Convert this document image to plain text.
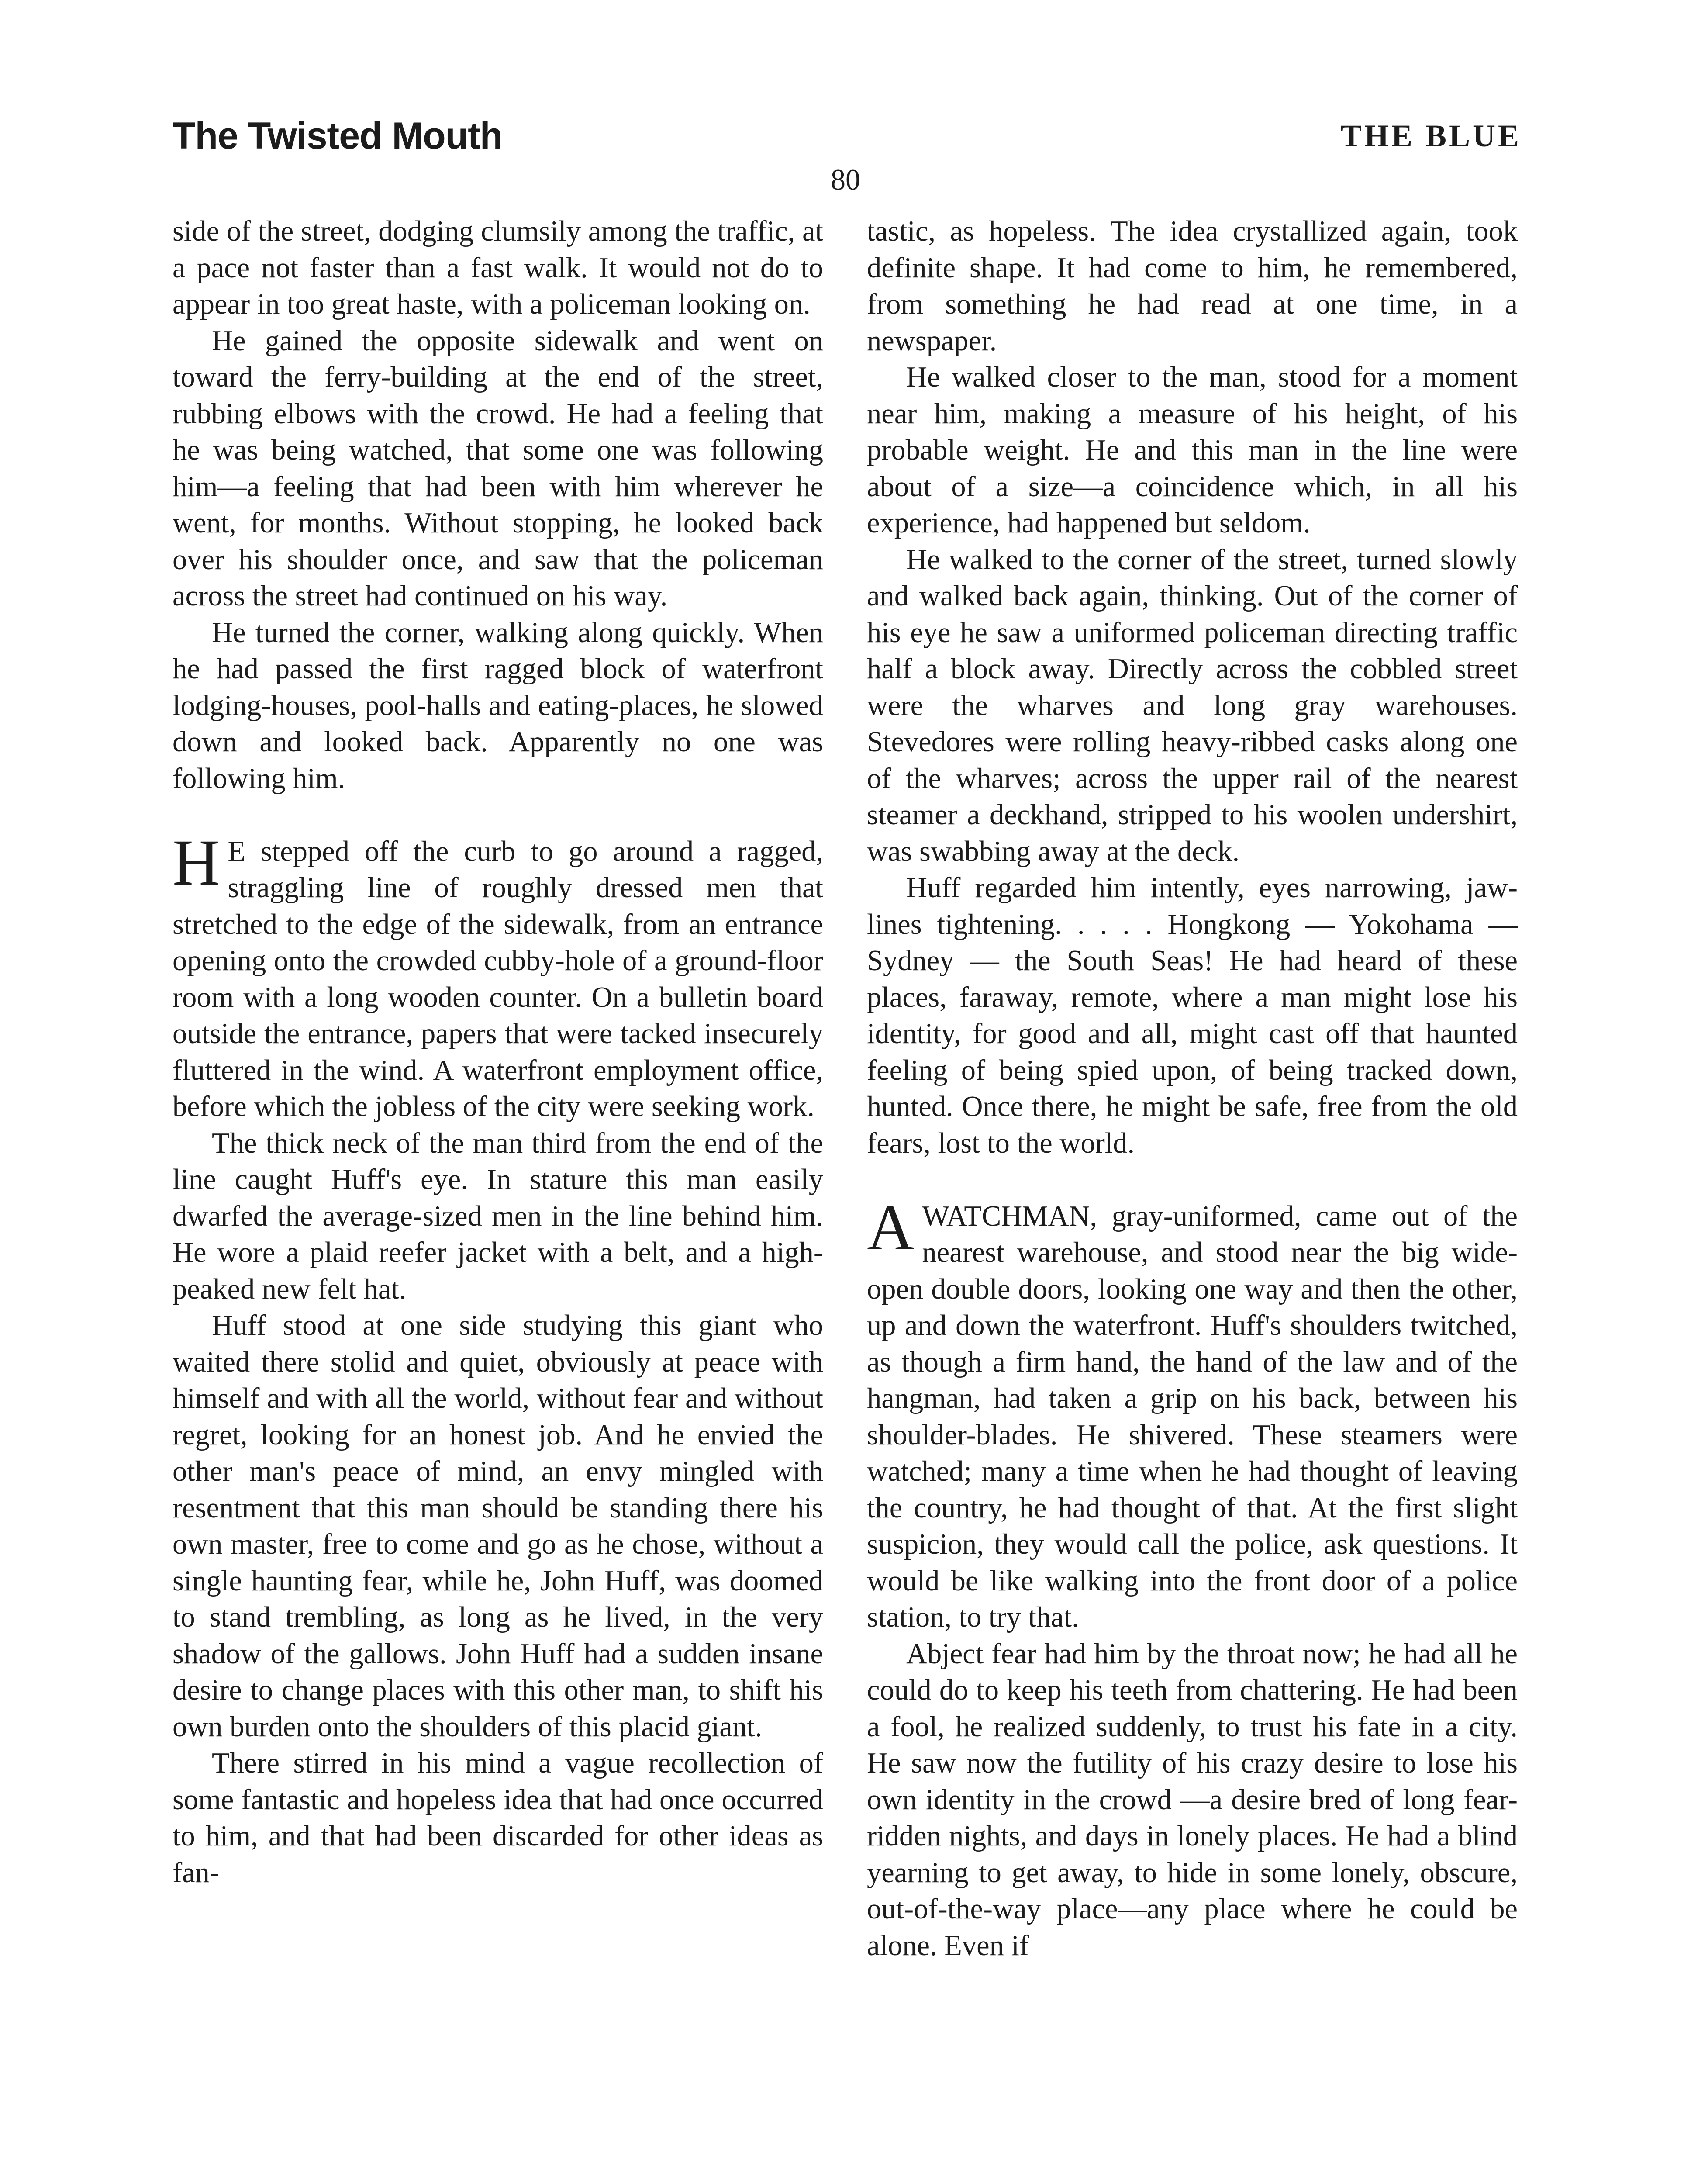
The Twisted Mouth	THE BLUE
80

side of the street, dodging clumsily among the traffic, at a pace not faster than a fast walk. It would not do to appear in too great haste, with a policeman looking on.

He gained the opposite sidewalk and went on toward the ferry-building at the end of the street, rubbing elbows with the crowd. He had a feeling that he was being watched, that some one was following him—a feeling that had been with him wherever he went, for months. Without stopping, he looked back over his shoulder once, and saw that the policeman across the street had continued on his way.

He turned the corner, walking along quickly. When he had passed the first ragged block of waterfront lodging-houses, pool-halls and eating-places, he slowed down and looked back. Apparently no one was following him.

H E stepped off the curb to go around a ragged, straggling line of roughly dressed men that stretched to the edge of the sidewalk, from an entrance opening onto the crowded cubby-hole of a ground-floor room with a long wooden counter. On a bulletin board outside the entrance, papers that were tacked insecurely fluttered in the wind. A waterfront employment office, before which the jobless of the city were seeking work.

The thick neck of the man third from the end of the line caught Huff's eye. In stature this man easily dwarfed the average-sized men in the line behind him. He wore a plaid reefer jacket with a belt, and a high-peaked new felt hat.

Huff stood at one side studying this giant who waited there stolid and quiet, obviously at peace with himself and with all the world, without fear and without regret, looking for an honest job. And he envied the other man's peace of mind, an envy mingled with resentment that this man should be standing there his own master, free to come and go as he chose, without a single haunting fear, while he, John Huff, was doomed to stand trembling, as long as he lived, in the very shadow of the gallows. John Huff had a sudden insane desire to change places with this other man, to shift his own burden onto the shoulders of this placid giant.

There stirred in his mind a vague recollection of some fantastic and hopeless idea that had once occurred to him, and that had been discarded for other ideas as fan-

tastic, as hopeless. The idea crystallized again, took definite shape. It had come to him, he remembered, from something he had read at one time, in a newspaper.

He walked closer to the man, stood for a moment near him, making a measure of his height, of his probable weight. He and this man in the line were about of a size—a coincidence which, in all his experience, had happened but seldom.

He walked to the corner of the street, turned slowly and walked back again, thinking. Out of the corner of his eye he saw a uniformed policeman directing traffic half a block away. Directly across the cobbled street were the wharves and long gray warehouses. Stevedores were rolling heavy-ribbed casks along one of the wharves; across the upper rail of the nearest steamer a deckhand, stripped to his woolen undershirt, was swabbing away at the deck.

Huff regarded him intently, eyes narrowing, jaw-lines tightening. . . . . Hongkong — Yokohama — Sydney — the South Seas! He had heard of these places, faraway, remote, where a man might lose his identity, for good and all, might cast off that haunted feeling of being spied upon, of being tracked down, hunted. Once there, he might be safe, free from the old fears, lost to the world.

AWATCHMAN, gray-uniformed, came out of the nearest warehouse, and stood near the big wide-open double doors, looking one way and then the other, up and down the waterfront. Huff's shoulders twitched, as though a firm hand, the hand of the law and of the hangman, had taken a grip on his back, between his shoulder-blades. He shivered. These steamers were watched; many a time when he had thought of leaving the country, he had thought of that. At the first slight suspicion, they would call the police, ask questions. It would be like walking into the front door of a police station, to try that.

Abject fear had him by the throat now; he had all he could do to keep his teeth from chattering. He had been a fool, he realized suddenly, to trust his fate in a city. He saw now the futility of his crazy desire to lose his own identity in the crowd —a desire bred of long fear-ridden nights, and days in lonely places. He had a blind yearning to get away, to hide in some lonely, obscure, out-of-the-way place—any place where he could be alone. Even if
